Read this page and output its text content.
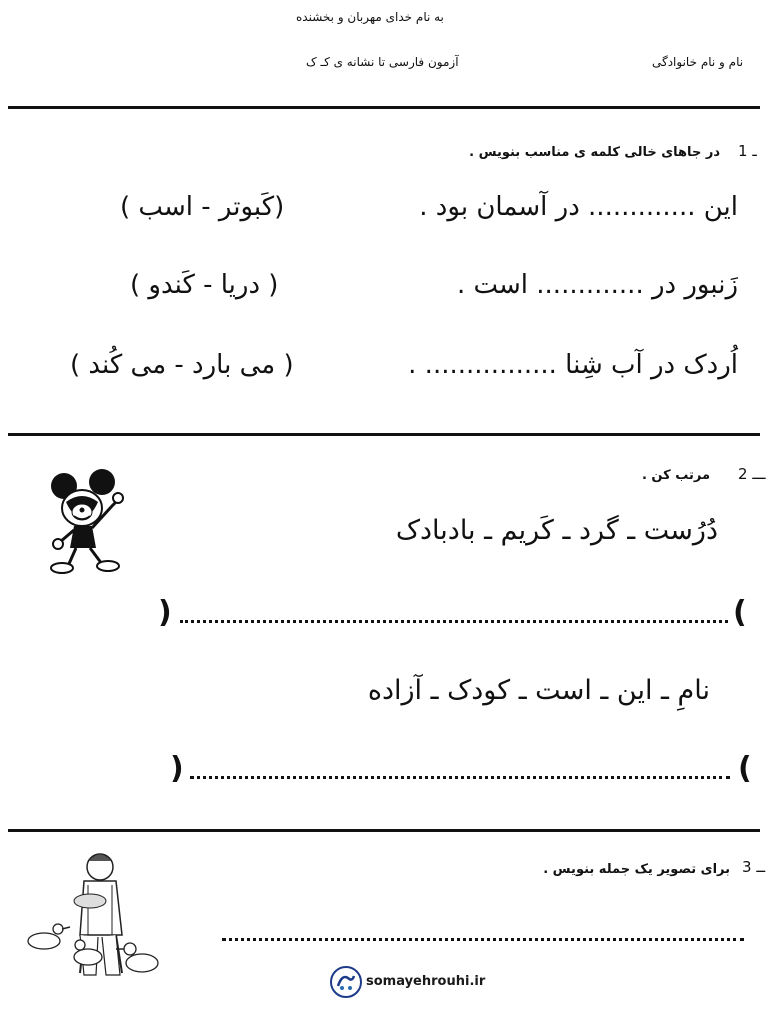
به نام خدای مهربان و بخشنده
نام و نام خانوادگی
آزمون فارسی تا نشانه ی کـ ک
1 ـ
در جاهای خالی کلمه ی مناسب بنویس .
این ............. در آسمان بود .
(کَبوتر - اسب )
زَنبور در ............. است .
( دریا - کَندو )
اُردک در آب شِنا ................ .
( می بارد - می کُند )
2 ـــ
مرتب کن .
دُرُست ـ گرد ـ کَریم ـ بادبادک
(
)
نامِ ـ این ـ است ـ کودک ـ آزاده
(
)
3 ــ
برای تصویر یک جمله بنویس .
somayehrouhi.ir
